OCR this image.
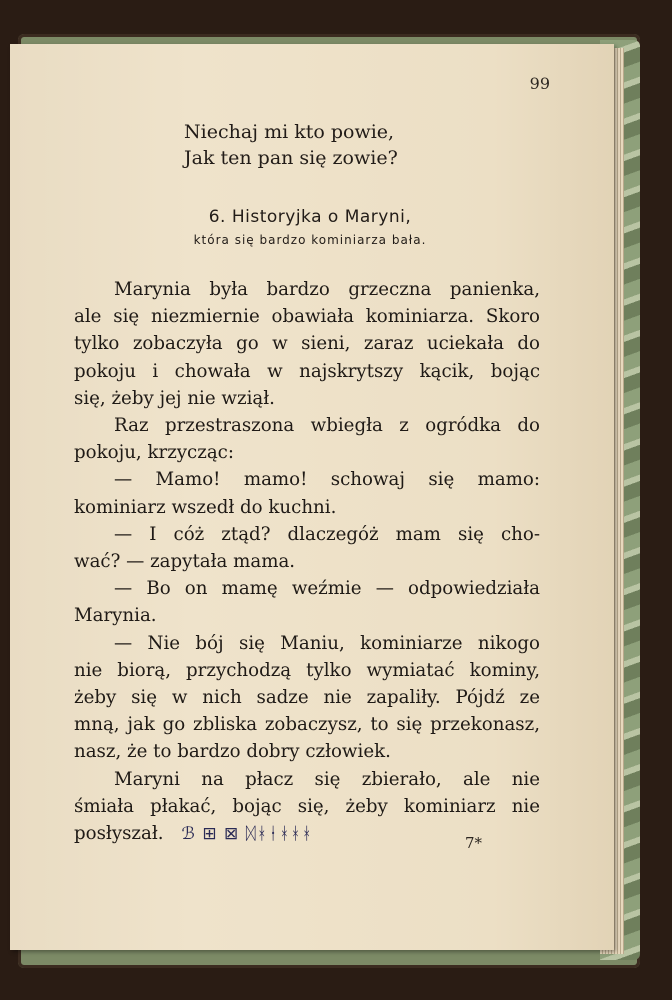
99
Niechaj mi kto powie,
Jak ten pan się zowie?
6. Historyjka o Maryni,
która się bardzo kominiarza bała.
Marynia była bardzo grzeczna panienka,
ale się niezmiernie obawiała kominiarza. Skoro
tylko zobaczyła go w sieni, zaraz uciekała do
pokoju i chowała w najskrytszy kącik, bojąc
się, żeby jej nie wziął.
Raz przestraszona wbiegła z ogródka do
pokoju, krzycząc:
— Mamo! mamo! schowaj się mamo:
kominiarz wszedł do kuchni.
— I cóż ztąd? dlaczegóż mam się cho-
wać? — zapytała mama.
— Bo on mamę weźmie — odpowiedziała
Marynia.
— Nie bój się Maniu, kominiarze nikogo
nie biorą, przychodzą tylko wymiatać kominy,
żeby się w nich sadze nie zapaliły. Pójdź ze
mną, jak go zbliska zobaczysz, to się przekonasz,
nasz, że to bardzo dobry człowiek.
Maryni na płacz się zbierało, ale nie
śmiała płakać, bojąc się, żeby kominiarz nie
posłyszał. ℬ ⊞ ⊠ ᛞᚼᚽᚼᚼᚼ	7*
